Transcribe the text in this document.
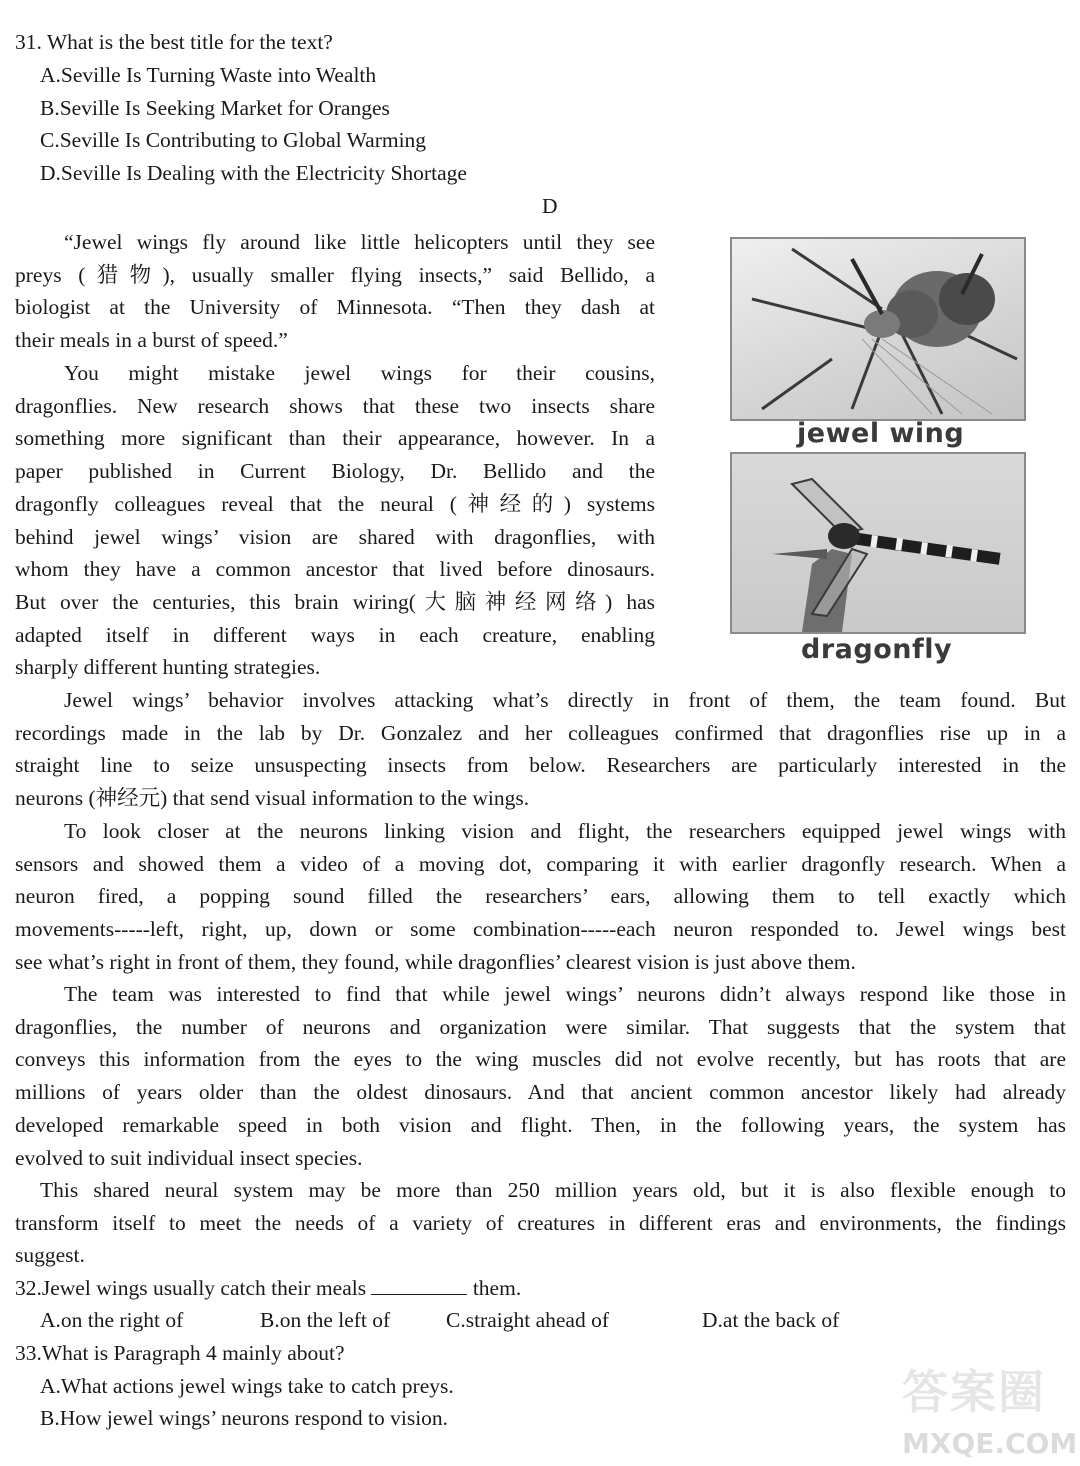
31. What is the best title for the text?
A.Seville Is Turning Waste into Wealth
B.Seville Is Seeking Market for Oranges
C.Seville Is Contributing to Global Warming
D.Seville Is Dealing with the Electricity Shortage
D
“Jewel wings fly around like little helicopters until they see
preys (猎物), usually smaller flying insects,” said Bellido, a
biologist at the University of Minnesota. “Then they dash at
their meals in a burst of speed.”
You might mistake jewel wings for their cousins,
dragonflies. New research shows that these two insects share
something more significant than their appearance, however. In a
paper published in Current Biology, Dr. Bellido and the
dragonfly colleagues reveal that the neural (神经的) systems
behind jewel wings’ vision are shared with dragonflies, with
whom they have a common ancestor that lived before dinosaurs.
But over the centuries, this brain wiring(大脑神经网络) has
adapted itself in different ways in each creature, enabling
sharply different hunting strategies.
jewel wing
dragonfly
Jewel wings’ behavior involves attacking what’s directly in front of them, the team found. But
recordings made in the lab by Dr. Gonzalez and her colleagues confirmed that dragonflies rise up in a
straight line to seize unsuspecting insects from below. Researchers are particularly interested in the
neurons (神经元) that send visual information to the wings.
To look closer at the neurons linking vision and flight, the researchers equipped jewel wings with
sensors and showed them a video of a moving dot, comparing it with earlier dragonfly research. When a
neuron fired, a popping sound filled the researchers’ ears, allowing them to tell exactly which
movements-----left, right, up, down or some combination-----each neuron responded to. Jewel wings best
see what’s right in front of them, they found, while dragonflies’ clearest vision is just above them.
The team was interested to find that while jewel wings’ neurons didn’t always respond like those in
dragonflies, the number of neurons and organization were similar. That suggests that the system that
conveys this information from the eyes to the wing muscles did not evolve recently, but has roots that are
millions of years older than the oldest dinosaurs. And that ancient common ancestor likely had already
developed remarkable speed in both vision and flight. Then, in the following years, the system has
evolved to suit individual insect species.
This shared neural system may be more than 250 million years old, but it is also flexible enough to
transform itself to meet the needs of a variety of creatures in different eras and environments, the findings
suggest.
32.Jewel wings usually catch their meals	them.
A.on the right of	B.on the left of	C.straight ahead of	D.at the back of
33.What is Paragraph 4 mainly about?
A.What actions jewel wings take to catch preys.
B.How jewel wings’ neurons respond to vision.	答案圈
MXQE.COM
